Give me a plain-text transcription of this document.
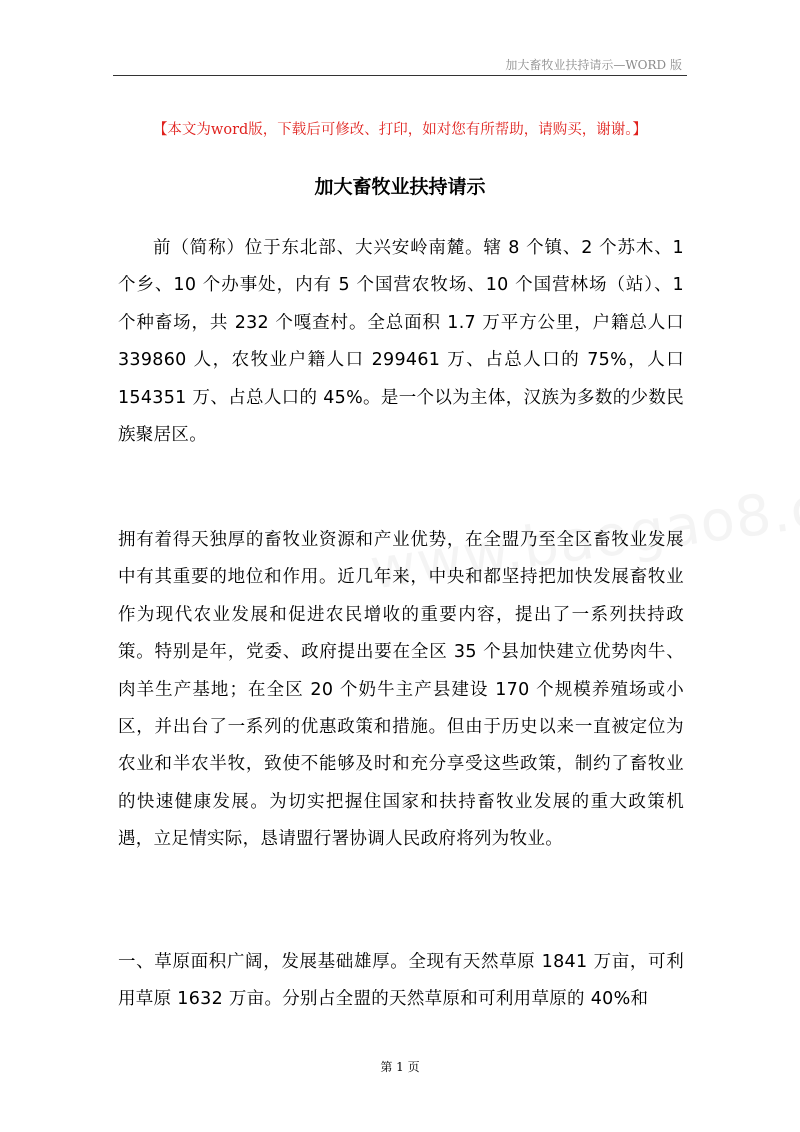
加大畜牧业扶持请示—WORD 版
【本文为word版，下载后可修改、打印，如对您有所帮助，请购买，谢谢。】
加大畜牧业扶持请示

前（简称）位于东北部、大兴安岭南麓。辖 8 个镇、2 个苏木、1 个乡、10 个办事处，内有 5 个国营农牧场、10 个国营林场（站）、1 个种畜场，共 232 个嘎查村。全总面积 1.7 万平方公里，户籍总人口 339860 人，农牧业户籍人口 299461 万、占总人口的 75%，人口 154351 万、占总人口的 45%。是一个以为主体，汉族为多数的少数民族聚居区。

拥有着得天独厚的畜牧业资源和产业优势，在全盟乃至全区畜牧业发展中有其重要的地位和作用。近几年来，中央和都坚持把加快发展畜牧业作为现代农业发展和促进农民增收的重要内容，提出了一系列扶持政策。特别是年，党委、政府提出要在全区 35 个县加快建立优势肉牛、肉羊生产基地；在全区 20 个奶牛主产县建设 170 个规模养殖场或小区，并出台了一系列的优惠政策和措施。但由于历史以来一直被定位为农业和半农半牧，致使不能够及时和充分享受这些政策，制约了畜牧业的快速健康发展。为切实把握住国家和扶持畜牧业发展的重大政策机遇，立足情实际，恳请盟行署协调人民政府将列为牧业。

一、草原面积广阔，发展基础雄厚。全现有天然草原 1841 万亩，可利用草原 1632 万亩。分别占全盟的天然草原和可利用草原的 40%和

第 1 页
